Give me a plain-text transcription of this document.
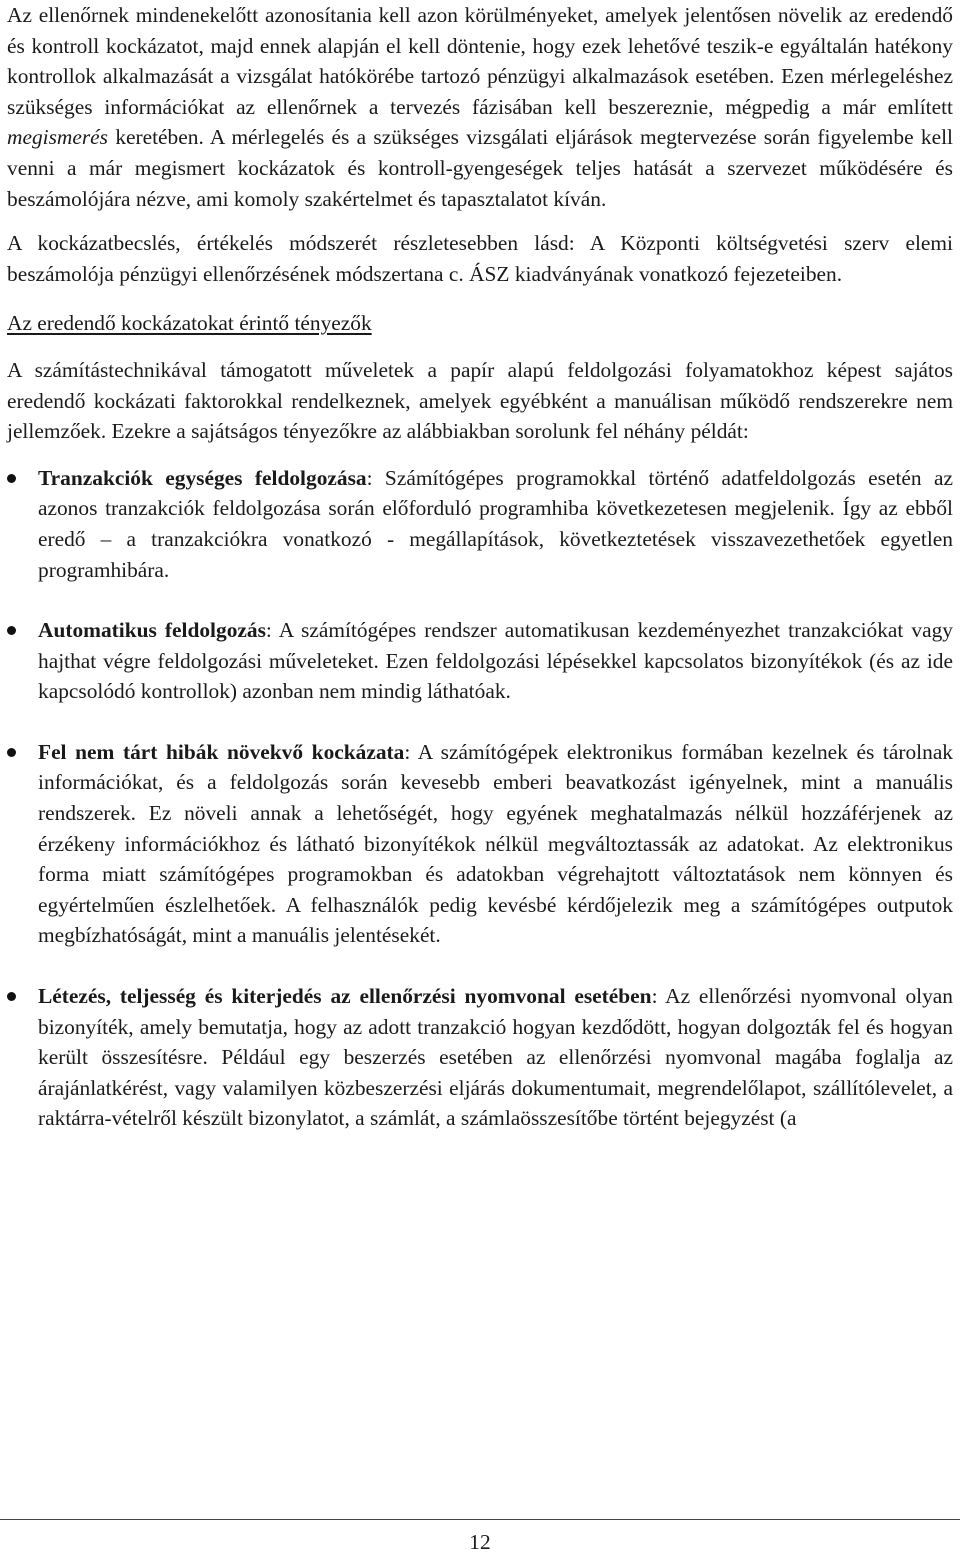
Az ellenőrnek mindenekelőtt azonosítania kell azon körülményeket, amelyek jelentősen növelik az eredendő és kontroll kockázatot, majd ennek alapján el kell döntenie, hogy ezek lehetővé teszik-e egyáltalán hatékony kontrollok alkalmazását a vizsgálat hatókörébe tartozó pénzügyi alkalmazások esetében. Ezen mérlegeléshez szükséges információkat az ellenőrnek a tervezés fázisában kell beszereznie, mégpedig a már említett megismerés keretében. A mérlegelés és a szükséges vizsgálati eljárások megtervezése során figyelembe kell venni a már megismert kockázatok és kontroll-gyengeségek teljes hatását a szervezet működésére és beszámolójára nézve, ami komoly szakértelmet és tapasztalatot kíván.

A kockázatbecslés, értékelés módszerét részletesebben lásd: A Központi költségvetési szerv elemi beszámolója pénzügyi ellenőrzésének módszertana c. ÁSZ kiadványának vonatkozó fejezeteiben.

Az eredendő kockázatokat érintő tényezők

A számítástechnikával támogatott műveletek a papír alapú feldolgozási folyamatokhoz képest sajátos eredendő kockázati faktorokkal rendelkeznek, amelyek egyébként a manuálisan működő rendszerekre nem jellemzőek. Ezekre a sajátságos tényezőkre az alábbiakban sorolunk fel néhány példát:

Tranzakciók egységes feldolgozása: Számítógépes programokkal történő adatfeldolgozás esetén az azonos tranzakciók feldolgozása során előforduló programhiba következetesen megjelenik. Így az ebből eredő – a tranzakciókra vonatkozó - megállapítások, következtetések visszavezethetőek egyetlen programhibára.

Automatikus feldolgozás: A számítógépes rendszer automatikusan kezdeményezhet tranzakciókat vagy hajthat végre feldolgozási műveleteket. Ezen feldolgozási lépésekkel kapcsolatos bizonyítékok (és az ide kapcsolódó kontrollok) azonban nem mindig láthatóak.

Fel nem tárt hibák növekvő kockázata: A számítógépek elektronikus formában kezelnek és tárolnak információkat, és a feldolgozás során kevesebb emberi beavatkozást igényelnek, mint a manuális rendszerek. Ez növeli annak a lehetőségét, hogy egyének meghatalmazás nélkül hozzáférjenek az érzékeny információkhoz és látható bizonyítékok nélkül megváltoztassák az adatokat. Az elektronikus forma miatt számítógépes programokban és adatokban végrehajtott változtatások nem könnyen és egyértelműen észlelhetőek. A felhasználók pedig kevésbé kérdőjelezik meg a számítógépes outputok megbízhatóságát, mint a manuális jelentésekét.

Létezés, teljesség és kiterjedés az ellenőrzési nyomvonal esetében: Az ellenőrzési nyomvonal olyan bizonyíték, amely bemutatja, hogy az adott tranzakció hogyan kezdődött, hogyan dolgozták fel és hogyan került összesítésre. Például egy beszerzés esetében az ellenőrzési nyomvonal magába foglalja az árajánlatkérést, vagy valamilyen közbeszerzési eljárás dokumentumait, megrendelőlapot, szállítólevelet, a raktárra-vételről készült bizonylatot, a számlát, a számlaösszesítőbe történt bejegyzést (a

12
